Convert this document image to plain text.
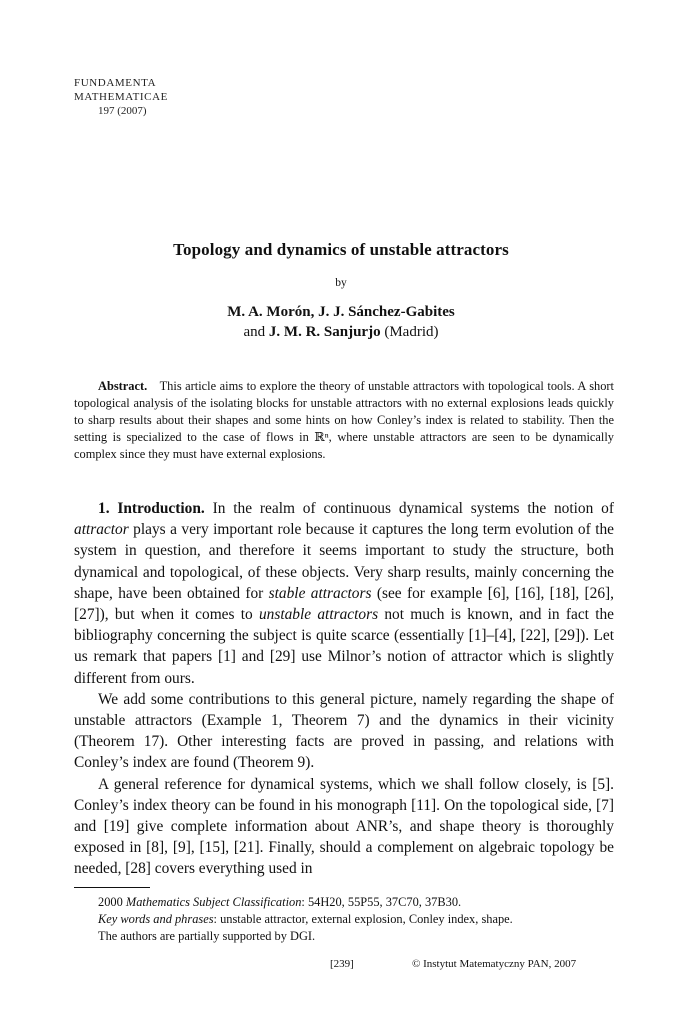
FUNDAMENTA
MATHEMATICAE
197 (2007)
Topology and dynamics of unstable attractors
by
M. A. Morón, J. J. Sánchez-Gabites
and J. M. R. Sanjurjo (Madrid)
Abstract.  This article aims to explore the theory of unstable attractors with topological tools. A short topological analysis of the isolating blocks for unstable attractors with no external explosions leads quickly to sharp results about their shapes and some hints on how Conley’s index is related to stability. Then the setting is specialized to the case of flows in ℝⁿ, where unstable attractors are seen to be dynamically complex since they must have external explosions.

1. Introduction. In the realm of continuous dynamical systems the notion of attractor plays a very important role because it captures the long term evolution of the system in question, and therefore it seems important to study the structure, both dynamical and topological, of these objects. Very sharp results, mainly concerning the shape, have been obtained for stable attractors (see for example [6], [16], [18], [26], [27]), but when it comes to unstable attractors not much is known, and in fact the bibliography concerning the subject is quite scarce (essentially [1]–[4], [22], [29]). Let us remark that papers [1] and [29] use Milnor’s notion of attractor which is slightly different from ours.

We add some contributions to this general picture, namely regarding the shape of unstable attractors (Example 1, Theorem 7) and the dynamics in their vicinity (Theorem 17). Other interesting facts are proved in passing, and relations with Conley’s index are found (Theorem 9).

A general reference for dynamical systems, which we shall follow closely, is [5]. Conley’s index theory can be found in his monograph [11]. On the topological side, [7] and [19] give complete information about ANR’s, and shape theory is thoroughly exposed in [8], [9], [15], [21]. Finally, should a complement on algebraic topology be needed, [28] covers everything used in

2000 Mathematics Subject Classification: 54H20, 55P55, 37C70, 37B30.
Key words and phrases: unstable attractor, external explosion, Conley index, shape.
The authors are partially supported by DGI.
[239]	© Instytut Matematyczny PAN, 2007
